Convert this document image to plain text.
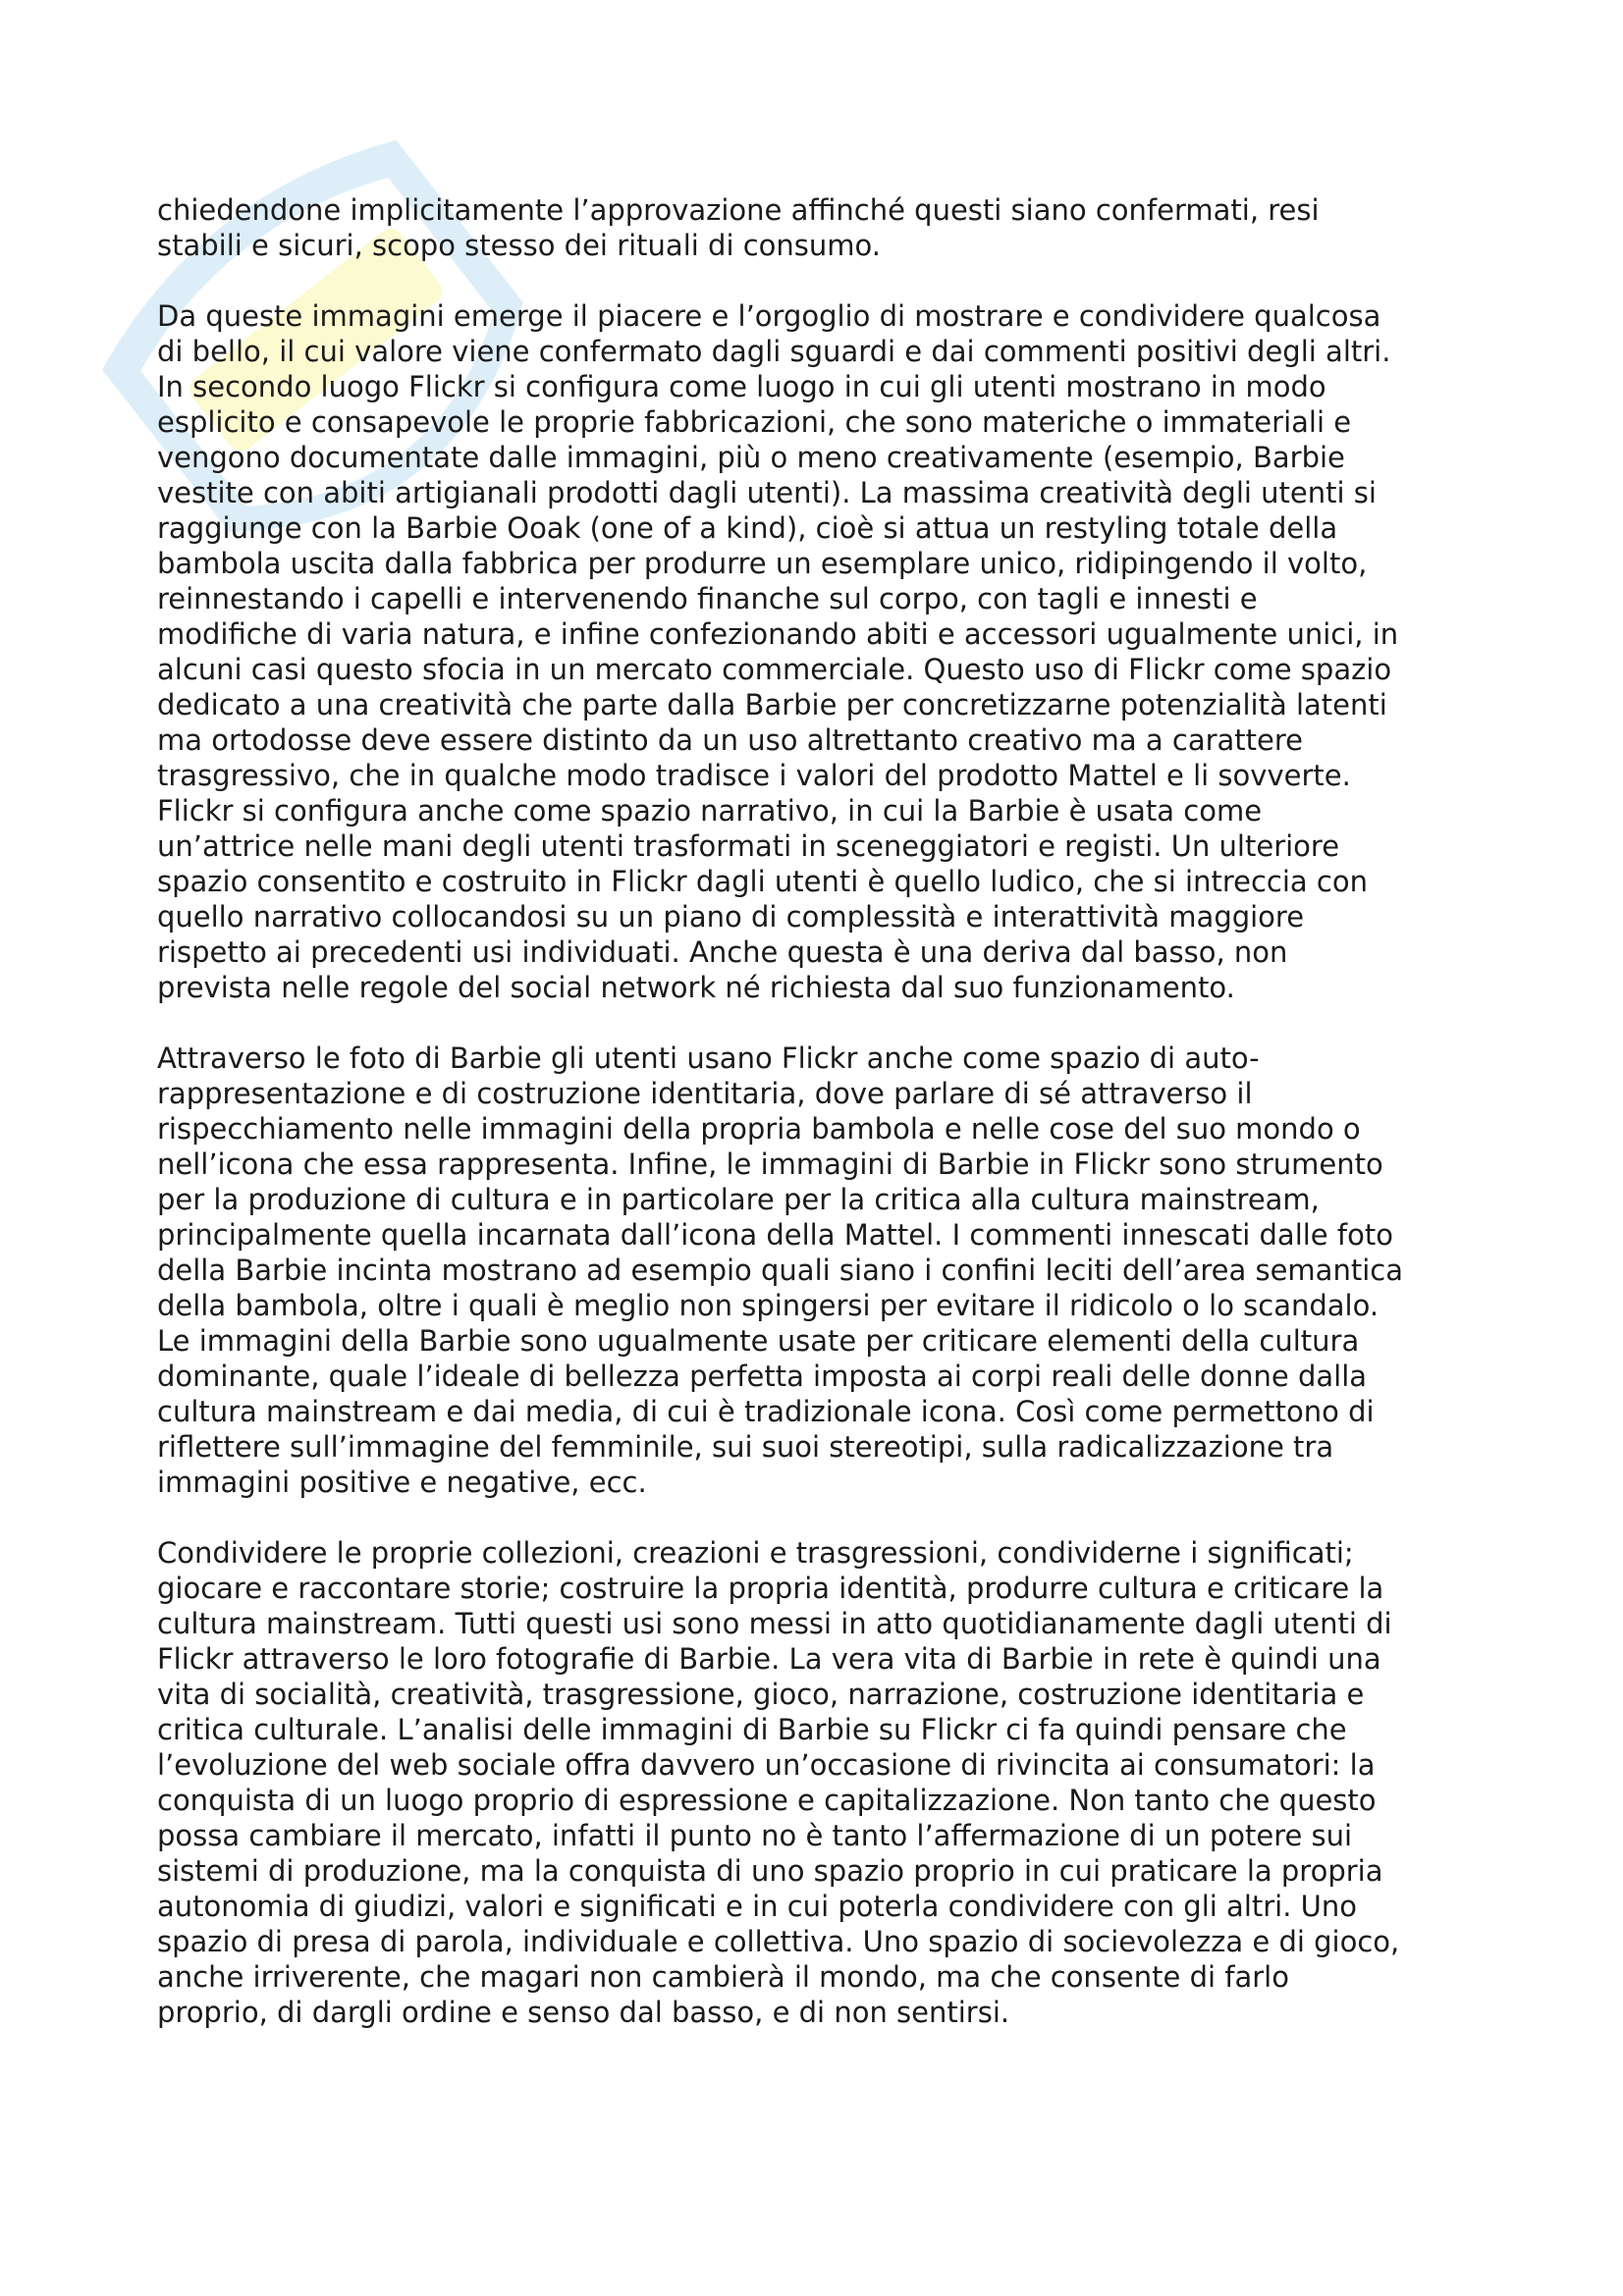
chiedendone implicitamente l’approvazione affinché questi siano confermati, resi
stabili e sicuri, scopo stesso dei rituali di consumo.
Da queste immagini emerge il piacere e l’orgoglio di mostrare e condividere qualcosa
di bello, il cui valore viene confermato dagli sguardi e dai commenti positivi degli altri.
In secondo luogo Flickr si configura come luogo in cui gli utenti mostrano in modo
esplicito e consapevole le proprie fabbricazioni, che sono materiche o immateriali e
vengono documentate dalle immagini, più o meno creativamente (esempio, Barbie
vestite con abiti artigianali prodotti dagli utenti). La massima creatività degli utenti si
raggiunge con la Barbie Ooak (one of a kind), cioè si attua un restyling totale della
bambola uscita dalla fabbrica per produrre un esemplare unico, ridipingendo il volto,
reinnestando i capelli e intervenendo finanche sul corpo, con tagli e innesti e
modifiche di varia natura, e infine confezionando abiti e accessori ugualmente unici, in
alcuni casi questo sfocia in un mercato commerciale. Questo uso di Flickr come spazio
dedicato a una creatività che parte dalla Barbie per concretizzarne potenzialità latenti
ma ortodosse deve essere distinto da un uso altrettanto creativo ma a carattere
trasgressivo, che in qualche modo tradisce i valori del prodotto Mattel e li sovverte.
Flickr si configura anche come spazio narrativo, in cui la Barbie è usata come
un’attrice nelle mani degli utenti trasformati in sceneggiatori e registi. Un ulteriore
spazio consentito e costruito in Flickr dagli utenti è quello ludico, che si intreccia con
quello narrativo collocandosi su un piano di complessità e interattività maggiore
rispetto ai precedenti usi individuati. Anche questa è una deriva dal basso, non
prevista nelle regole del social network né richiesta dal suo funzionamento.
Attraverso le foto di Barbie gli utenti usano Flickr anche come spazio di auto-
rappresentazione e di costruzione identitaria, dove parlare di sé attraverso il
rispecchiamento nelle immagini della propria bambola e nelle cose del suo mondo o
nell’icona che essa rappresenta. Infine, le immagini di Barbie in Flickr sono strumento
per la produzione di cultura e in particolare per la critica alla cultura mainstream,
principalmente quella incarnata dall’icona della Mattel. I commenti innescati dalle foto
della Barbie incinta mostrano ad esempio quali siano i confini leciti dell’area semantica
della bambola, oltre i quali è meglio non spingersi per evitare il ridicolo o lo scandalo.
Le immagini della Barbie sono ugualmente usate per criticare elementi della cultura
dominante, quale l’ideale di bellezza perfetta imposta ai corpi reali delle donne dalla
cultura mainstream e dai media, di cui è tradizionale icona. Così come permettono di
riflettere sull’immagine del femminile, sui suoi stereotipi, sulla radicalizzazione tra
immagini positive e negative, ecc.
Condividere le proprie collezioni, creazioni e trasgressioni, condividerne i significati;
giocare e raccontare storie; costruire la propria identità, produrre cultura e criticare la
cultura mainstream. Tutti questi usi sono messi in atto quotidianamente dagli utenti di
Flickr attraverso le loro fotografie di Barbie. La vera vita di Barbie in rete è quindi una
vita di socialità, creatività, trasgressione, gioco, narrazione, costruzione identitaria e
critica culturale. L’analisi delle immagini di Barbie su Flickr ci fa quindi pensare che
l’evoluzione del web sociale offra davvero un’occasione di rivincita ai consumatori: la
conquista di un luogo proprio di espressione e capitalizzazione. Non tanto che questo
possa cambiare il mercato, infatti il punto no è tanto l’affermazione di un potere sui
sistemi di produzione, ma la conquista di uno spazio proprio in cui praticare la propria
autonomia di giudizi, valori e significati e in cui poterla condividere con gli altri. Uno
spazio di presa di parola, individuale e collettiva. Uno spazio di socievolezza e di gioco,
anche irriverente, che magari non cambierà il mondo, ma che consente di farlo
proprio, di dargli ordine e senso dal basso, e di non sentirsi.
